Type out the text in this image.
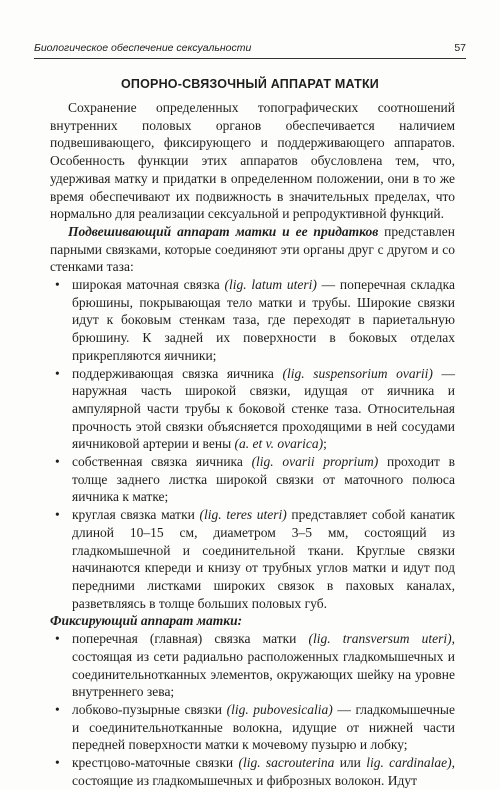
Биологическое обеспечение сексуальности	57
ОПОРНО-СВЯЗОЧНЫЙ АППАРАТ МАТКИ

Сохранение определенных топографических соотношений внутренних половых органов обеспечивается наличием подвешивающего, фиксирующего и поддерживающего аппаратов. Особенность функции этих аппаратов обусловлена тем, что, удерживая матку и придатки в определенном положении, они в то же время обеспечивают их подвижность в значительных пределах, что нормально для реализации сексуальной и репродуктивной функций.

Подвешивающий аппарат матки и ее придатков представлен парными связками, которые соединяют эти органы друг с другом и со стенками таза:

• широкая маточная связка (lig. latum uteri) — поперечная складка брюшины, покрывающая тело матки и трубы. Широкие связки идут к боковым стенкам таза, где переходят в париетальную брюшину. К задней их поверхности в боковых отделах прикрепляются яичники;
• поддерживающая связка яичника (lig. suspensorium ovarii) — наружная часть широкой связки, идущая от яичника и ампулярной части трубы к боковой стенке таза. Относительная прочность этой связки объясняется проходящими в ней сосудами яичниковой артерии и вены (a. et v. ovarica);
• собственная связка яичника (lig. ovarii proprium) проходит в толще заднего листка широкой связки от маточного полюса яичника к матке;
• круглая связка матки (lig. teres uteri) представляет собой канатик длиной 10–15 см, диаметром 3–5 мм, состоящий из гладкомышечной и соединительной ткани. Круглые связки начинаются кпереди и книзу от трубных углов матки и идут под передними листками широких связок в паховых каналах, разветвляясь в толще больших половых губ.
Фиксирующий аппарат матки:
• поперечная (главная) связка матки (lig. transversum uteri), состоящая из сети радиально расположенных гладкомышечных и соединительнотканных элементов, окружающих шейку на уровне внутреннего зева;
• лобково-пузырные связки (lig. pubovesicalia) — гладкомышечные и соединительнотканные волокна, идущие от нижней части передней поверхности матки к мочевому пузырю и лобку;
• крестцово-маточные связки (lig. sacrouterina или lig. cardinalae), состоящие из гладкомышечных и фиброзных волокон. Идут
